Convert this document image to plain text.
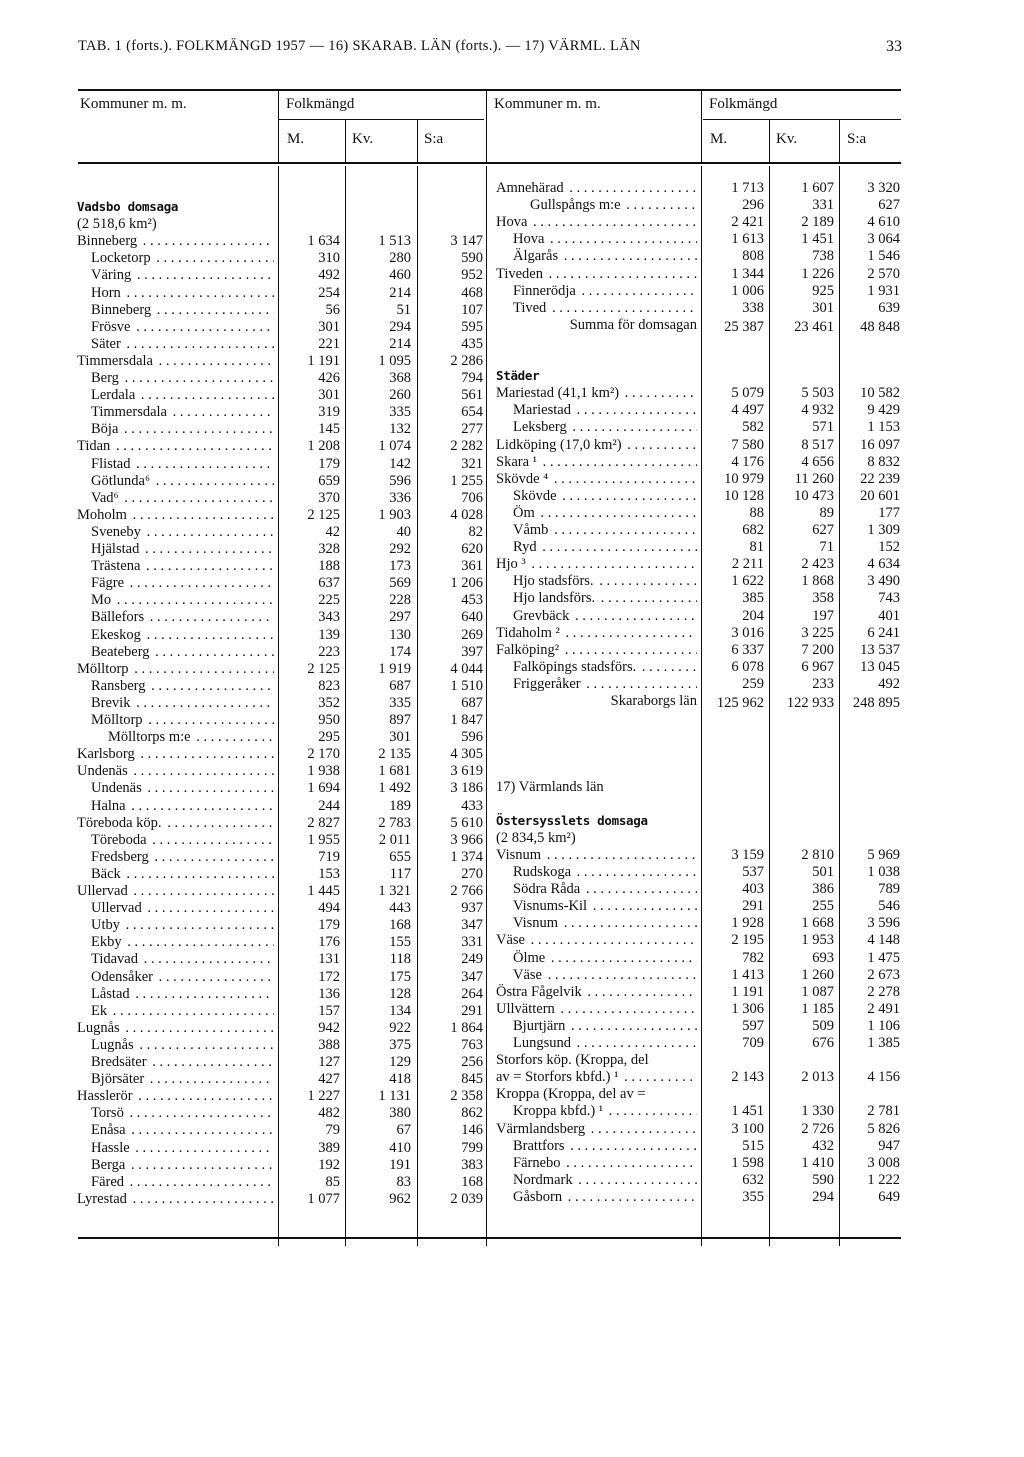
TAB. 1 (forts.). FOLKMÄNGD 1957 — 16) SKARAB. LÄN (forts.). — 17) VÄRML. LÄN	33
Kommuner m. m.	Folkmängd
M.	Kv.	S:a
Kommuner m. m.	Folkmängd
M.	Kv.	S:a
Vadsbo domsaga
(2 518,6 km²)
Binneberg . . .	1 634	1 513	3 147
Locketorp . . .	310	280	590
Väring . . .	492	460	952
Horn . . .	254	214	468
Binneberg . . .	56	51	107
Frösve . . .	301	294	595
Säter . . .	221	214	435
Timmersdala . . .	1 191	1 095	2 286
Berg . . .	426	368	794
Lerdala . . .	301	260	561
Timmersdala . . .	319	335	654
Böja . . .	145	132	277
Tidan . . .	1 208	1 074	2 282
Flistad . . .	179	142	321
Götlunda⁶ . . .	659	596	1 255
Vad⁶ . . .	370	336	706
Moholm . . .	2 125	1 903	4 028
Sveneby . . .	42	40	82
Hjälstad . . .	328	292	620
Trästena . . .	188	173	361
Fägre . . .	637	569	1 206
Mo . . .	225	228	453
Bällefors . . .	343	297	640
Ekeskog . . .	139	130	269
Beateberg . . .	223	174	397
Mölltorp . . .	2 125	1 919	4 044
Ransberg . . .	823	687	1 510
Brevik . . .	352	335	687
Mölltorp . . .	950	897	1 847
Mölltorps m:e . . .	295	301	596
Karlsborg . . .	2 170	2 135	4 305
Undenäs . . .	1 938	1 681	3 619
Undenäs . . .	1 694	1 492	3 186
Halna . . .	244	189	433
Töreboda köp. . . .	2 827	2 783	5 610
Töreboda . . .	1 955	2 011	3 966
Fredsberg . . .	719	655	1 374
Bäck . . .	153	117	270
Ullervad . . .	1 445	1 321	2 766
Ullervad . . .	494	443	937
Utby . . .	179	168	347
Ekby . . .	176	155	331
Tidavad . . .	131	118	249
Odensåker . . .	172	175	347
Låstad . . .	136	128	264
Ek . . .	157	134	291
Lugnås . . .	942	922	1 864
Lugnås . . .	388	375	763
Bredsäter . . .	127	129	256
Björsäter . . .	427	418	845
Hasslerör . . .	1 227	1 131	2 358
Torsö . . .	482	380	862
Enåsa . . .	79	67	146
Hassle . . .	389	410	799
Berga . . .	192	191	383
Färed . . .	85	83	168
Lyrestad . . .	1 077	962	2 039
Amnehärad . . .	1 713	1 607	3 320
Gullspångs m:e . . .	296	331	627
Hova . . .	2 421	2 189	4 610
Hova . . .	1 613	1 451	3 064
Älgarås . . .	808	738	1 546
Tiveden . . .	1 344	1 226	2 570
Finnerödja . . .	1 006	925	1 931
Tived . . .	338	301	639
Summa för domsagan	25 387	23 461	48 848
Städer
Mariestad (41,1 km²) . . .	5 079	5 503	10 582
Mariestad . . .	4 497	4 932	9 429
Leksberg . . .	582	571	1 153
Lidköping (17,0 km²) . . .	7 580	8 517	16 097
Skara ¹ . . .	4 176	4 656	8 832
Skövde ⁴ . . .	10 979	11 260	22 239
Skövde . . .	10 128	10 473	20 601
Öm . . .	88	89	177
Våmb . . .	682	627	1 309
Ryd . . .	81	71	152
Hjo ³ . . .	2 211	2 423	4 634
Hjo stadsförs. . . .	1 622	1 868	3 490
Hjo landsförs. . . .	385	358	743
Grevbäck . . .	204	197	401
Tidaholm ² . . .	3 016	3 225	6 241
Falköping² . . .	6 337	7 200	13 537
Falköpings stadsförs. . . .	6 078	6 967	13 045
Friggeråker . . .	259	233	492
Skaraborgs län	125 962	122 933	248 895
17) Värmlands län
Östersysslets domsaga
(2 834,5 km²)
Visnum . . .	3 159	2 810	5 969
Rudskoga . . .	537	501	1 038
Södra Råda . . .	403	386	789
Visnums-Kil . . .	291	255	546
Visnum . . .	1 928	1 668	3 596
Väse . . .	2 195	1 953	4 148
Ölme . . .	782	693	1 475
Väse . . .	1 413	1 260	2 673
Östra Fågelvik . . .	1 191	1 087	2 278
Ullvättern . . .	1 306	1 185	2 491
Bjurtjärn . . .	597	509	1 106
Lungsund . . .	709	676	1 385
Storfors köp. (Kroppa, del
av = Storfors kbfd.) ¹ . . .	2 143	2 013	4 156
Kroppa (Kroppa, del av =
Kroppa kbfd.) ¹ . . .	1 451	1 330	2 781
Värmlandsberg . . .	3 100	2 726	5 826
Brattfors . . .	515	432	947
Färnebo . . .	1 598	1 410	3 008
Nordmark . . .	632	590	1 222
Gåsborn . . .	355	294	649
